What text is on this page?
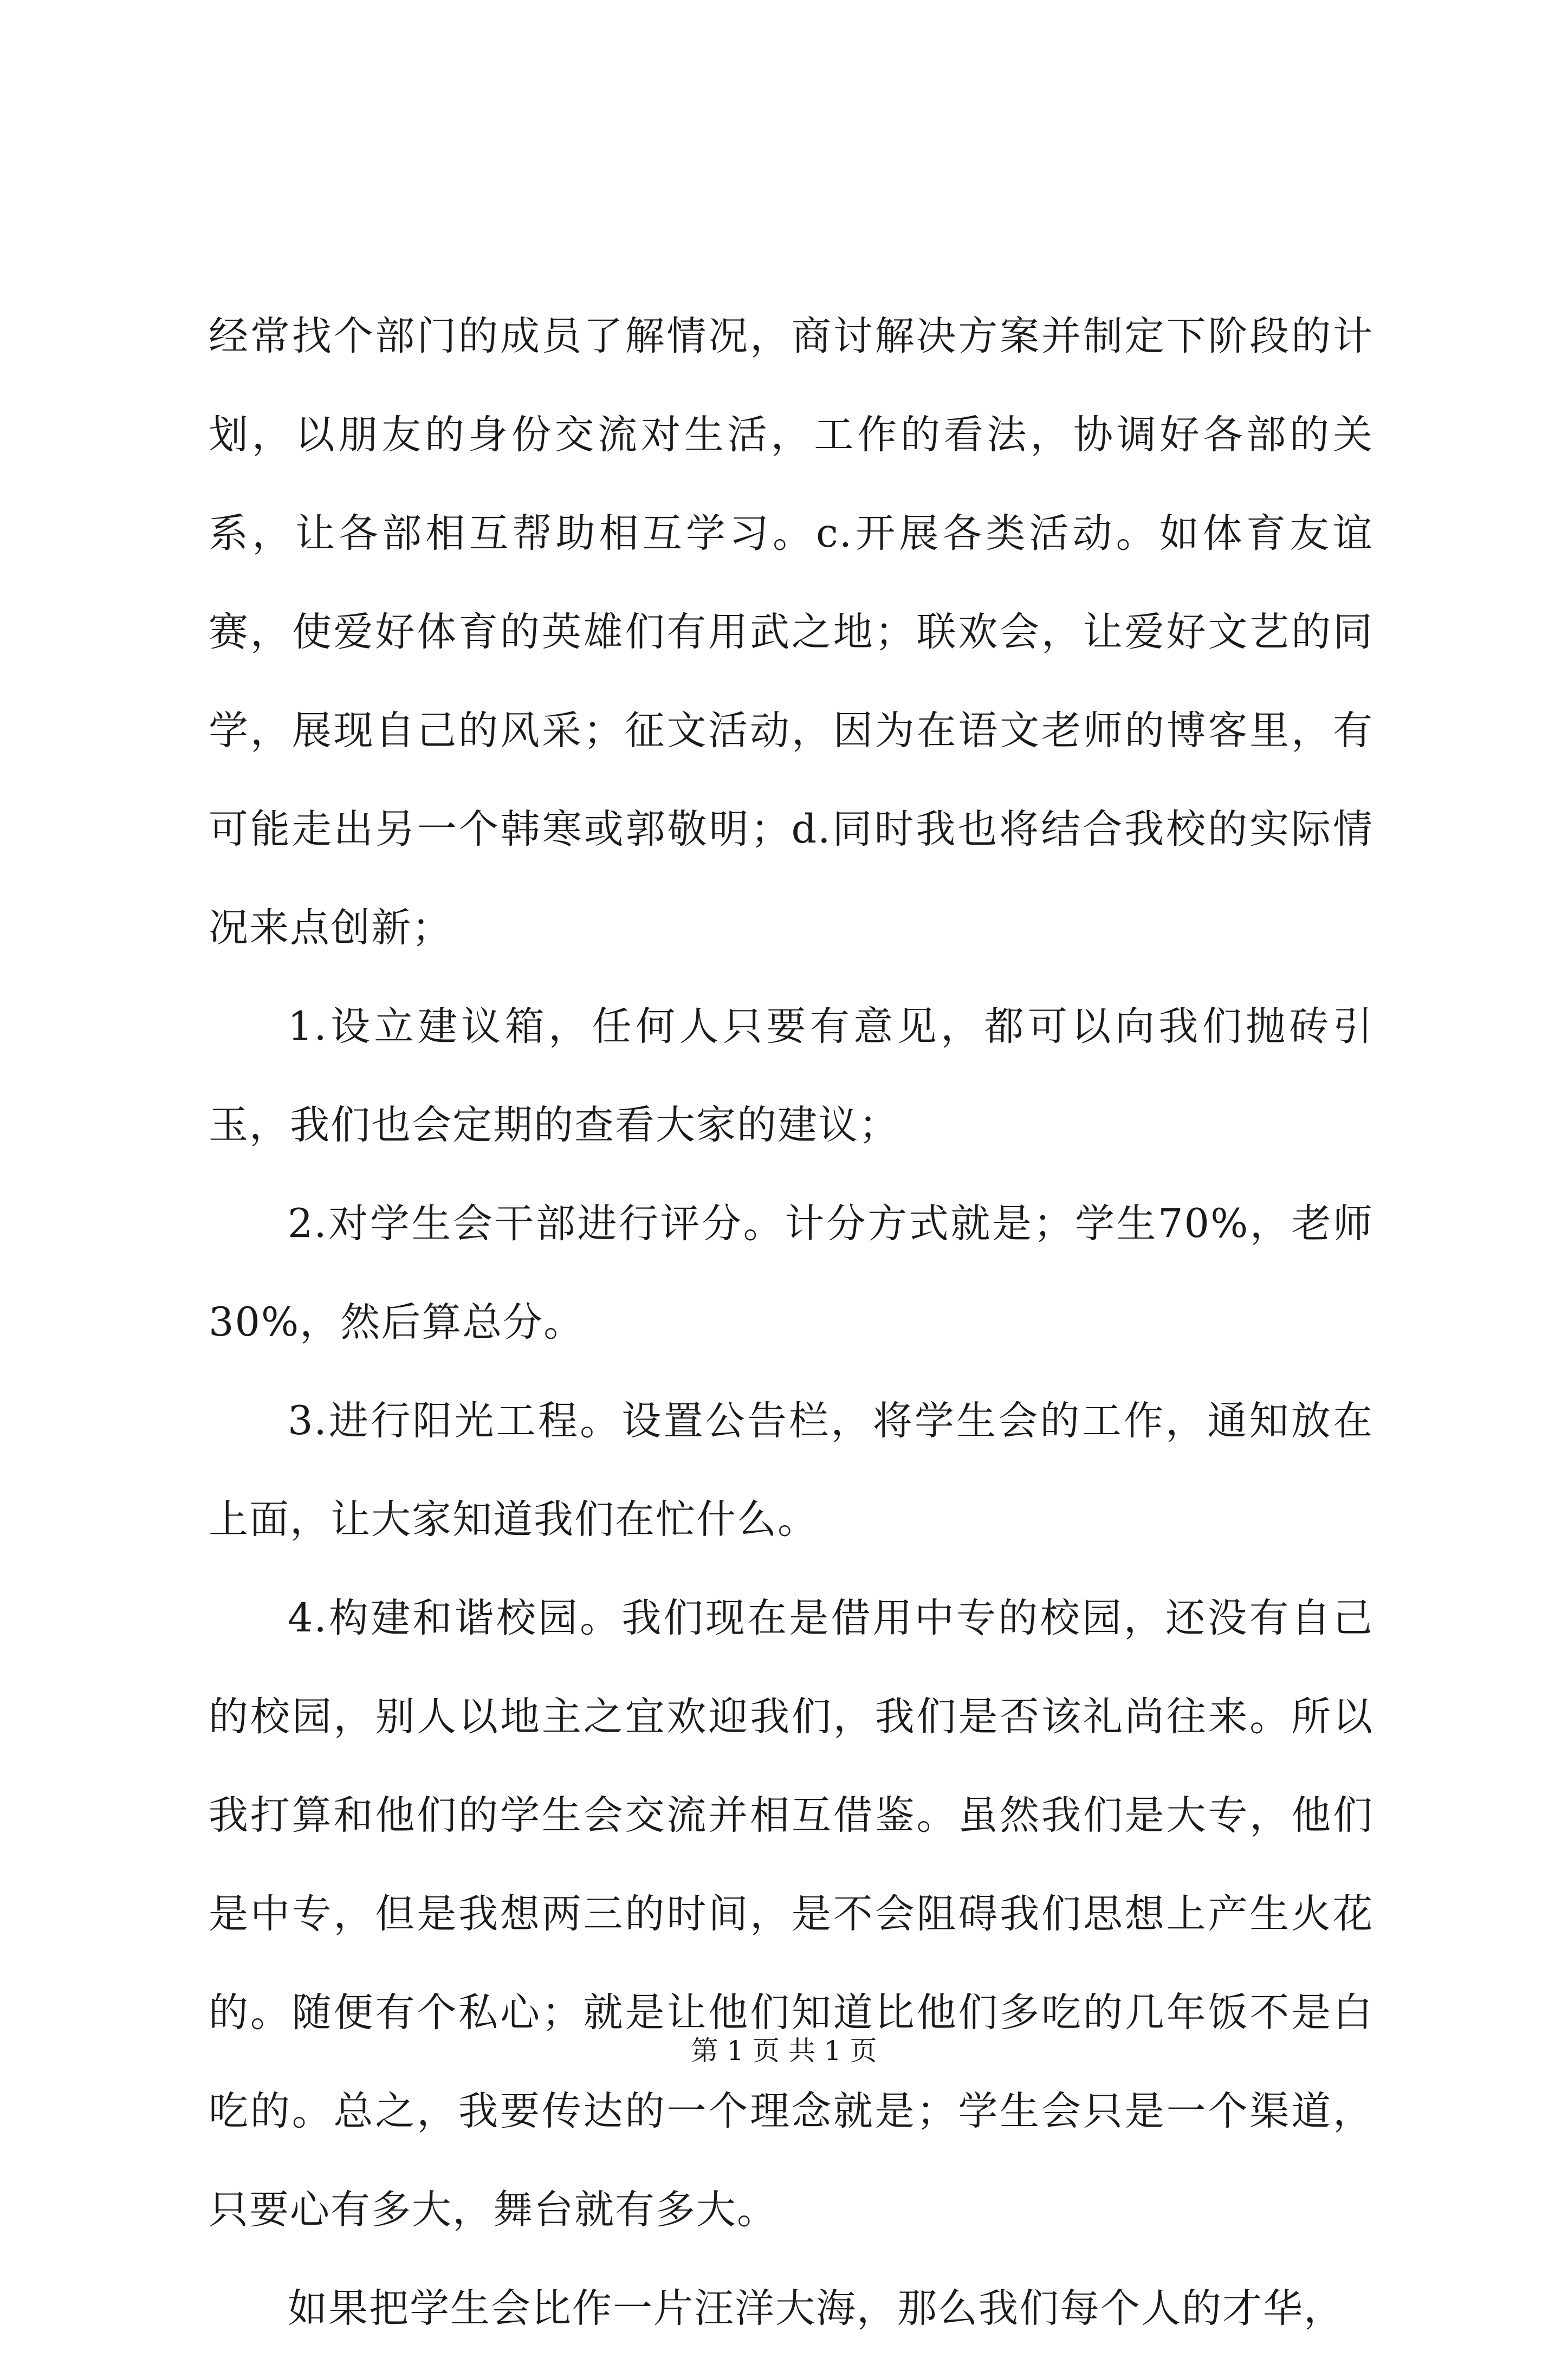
经常找个部门的成员了解情况，商讨解决方案并制定下阶段的计划，以朋友的身份交流对生活，工作的看法，协调好各部的关系，让各部相互帮助相互学习。c.开展各类活动。如体育友谊赛，使爱好体育的英雄们有用武之地；联欢会，让爱好文艺的同学，展现自己的风采；征文活动，因为在语文老师的博客里，有可能走出另一个韩寒或郭敬明；d.同时我也将结合我校的实际情况来点创新；

1.设立建议箱，任何人只要有意见，都可以向我们抛砖引玉，我们也会定期的查看大家的建议；

2.对学生会干部进行评分。计分方式就是；学生70%，老师30%，然后算总分。

3.进行阳光工程。设置公告栏，将学生会的工作，通知放在上面，让大家知道我们在忙什么。

4.构建和谐校园。我们现在是借用中专的校园，还没有自己的校园，别人以地主之宜欢迎我们，我们是否该礼尚往来。所以我打算和他们的学生会交流并相互借鉴。虽然我们是大专，他们是中专，但是我想两三的时间，是不会阻碍我们思想上产生火花的。随便有个私心；就是让他们知道比他们多吃的几年饭不是白吃的。总之，我要传达的一个理念就是；学生会只是一个渠道，只要心有多大，舞台就有多大。

如果把学生会比作一片汪洋大海，那么我们每个人的才华，

第 1 页 共 1 页
